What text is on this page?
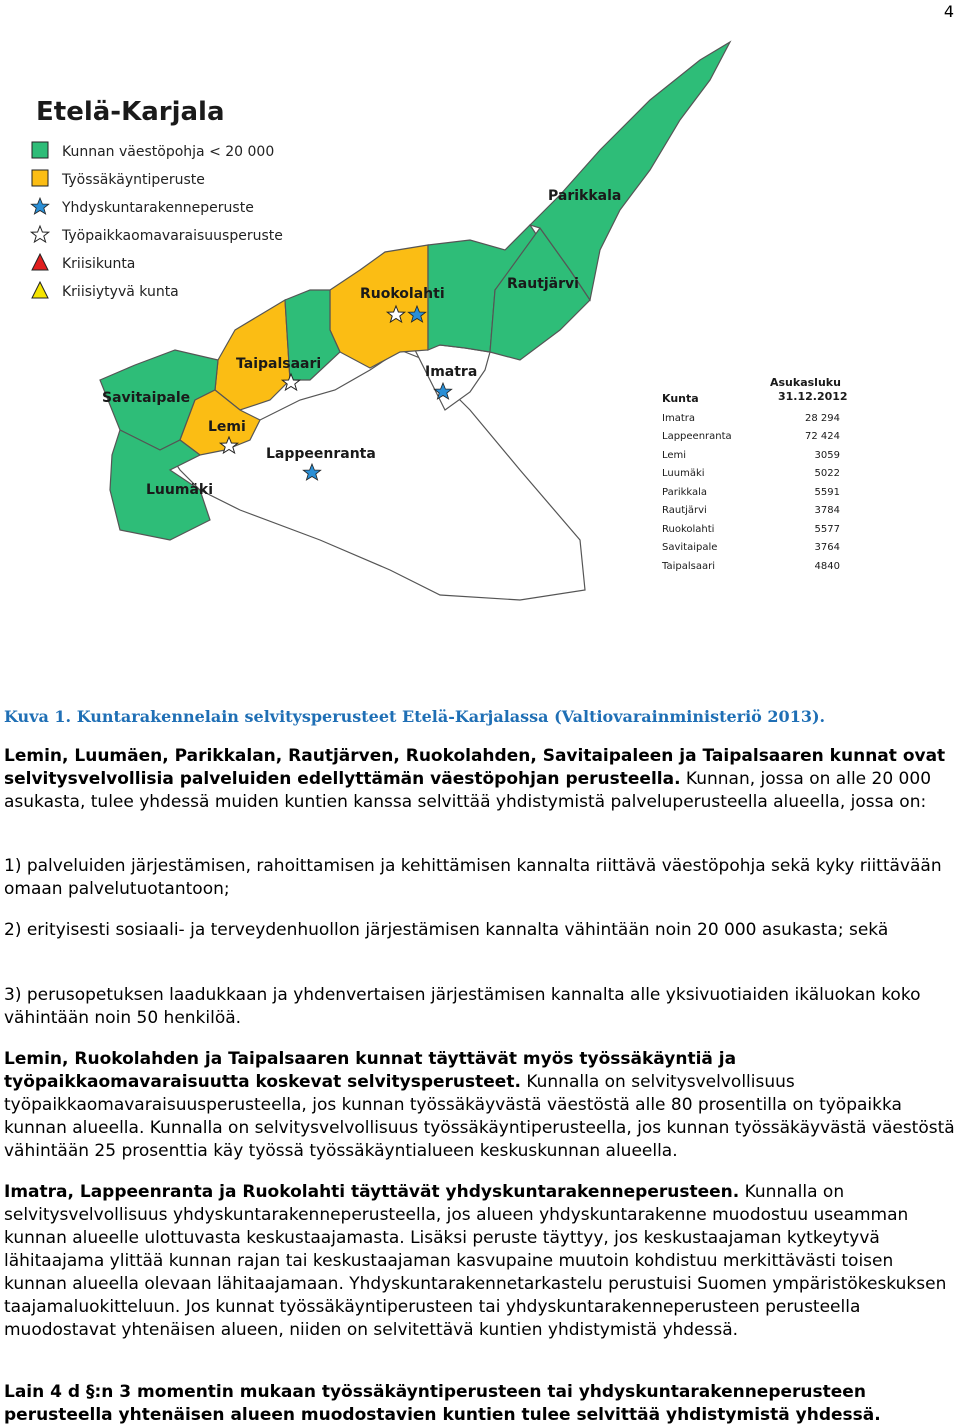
4
Etelä-Karjala
Kunnan väestöpohja < 20 000
Työssäkäyntiperuste
Yhdyskuntarakenneperuste
Työpaikkaomavaraisuusperuste
Kriisikunta
Kriisiytyvä kunta
Parikkala
Rautjärvi
Ruokolahti
Imatra
Taipalsaari
Savitaipale
Lemi
Lappeenranta
Luumäki
Kunta
Asukasluku
31.12.2012
Imatra	28 294
Lappeenranta	72 424
Lemi	3059
Luumäki	5022
Parikkala	5591
Rautjärvi	3784
Ruokolahti	5577
Savitaipale	3764
Taipalsaari	4840
Kuva 1. Kuntarakennelain selvitysperusteet Etelä-Karjalassa (Valtiovarainministeriö 2013).

Lemin, Luumäen, Parikkalan, Rautjärven, Ruokolahden, Savitaipaleen ja Taipalsaaren kunnat ovat selvitysvelvollisia palveluiden edellyttämän väestöpohjan perusteella. Kunnan, jossa on alle 20 000 asukasta, tulee yhdessä muiden kuntien kanssa selvittää yhdistymistä palveluperusteella alueella, jossa on:

1) palveluiden järjestämisen, rahoittamisen ja kehittämisen kannalta riittävä väestöpohja sekä kyky riittävään omaan palvelutuotantoon;
2) erityisesti sosiaali- ja terveydenhuollon järjestämisen kannalta vähintään noin 20 000 asukasta; sekä
3) perusopetuksen laadukkaan ja yhdenvertaisen järjestämisen kannalta alle yksivuotiaiden ikäluokan koko vähintään noin 50 henkilöä.

Lemin, Ruokolahden ja Taipalsaaren kunnat täyttävät myös työssäkäyntiä ja työpaikkaomavaraisuutta koskevat selvitysperusteet. Kunnalla on selvitysvelvollisuus työpaikkaomavaraisuusperusteella, jos kunnan työssäkäyvästä väestöstä alle 80 prosentilla on työpaikka kunnan alueella. Kunnalla on selvitysvelvollisuus työssäkäyntiperusteella, jos kunnan työssäkäyvästä väestöstä vähintään 25 prosenttia käy työssä työssäkäyntialueen keskuskunnan alueella.

Imatra, Lappeenranta ja Ruokolahti täyttävät yhdyskuntarakenneperusteen. Kunnalla on selvitysvelvollisuus yhdyskuntarakenneperusteella, jos alueen yhdyskuntarakenne muodostuu useamman kunnan alueelle ulottuvasta keskustaajamasta. Lisäksi peruste täyttyy, jos keskustaajaman kytkeytyvä lähitaajama ylittää kunnan rajan tai keskustaajaman kasvupaine muutoin kohdistuu merkittävästi toisen kunnan alueella olevaan lähitaajamaan. Yhdyskuntarakennetarkastelu perustuisi Suomen ympäristökeskuksen taajamaluokitteluun. Jos kunnat työssäkäyntiperusteen tai yhdyskuntarakenneperusteen perusteella muodostavat yhtenäisen alueen, niiden on selvitettävä kuntien yhdistymistä yhdessä.

Lain 4 d §:n 3 momentin mukaan työssäkäyntiperusteen tai yhdyskuntarakenneperusteen perusteella yhtenäisen alueen muodostavien kuntien tulee selvittää yhdistymistä yhdessä.
